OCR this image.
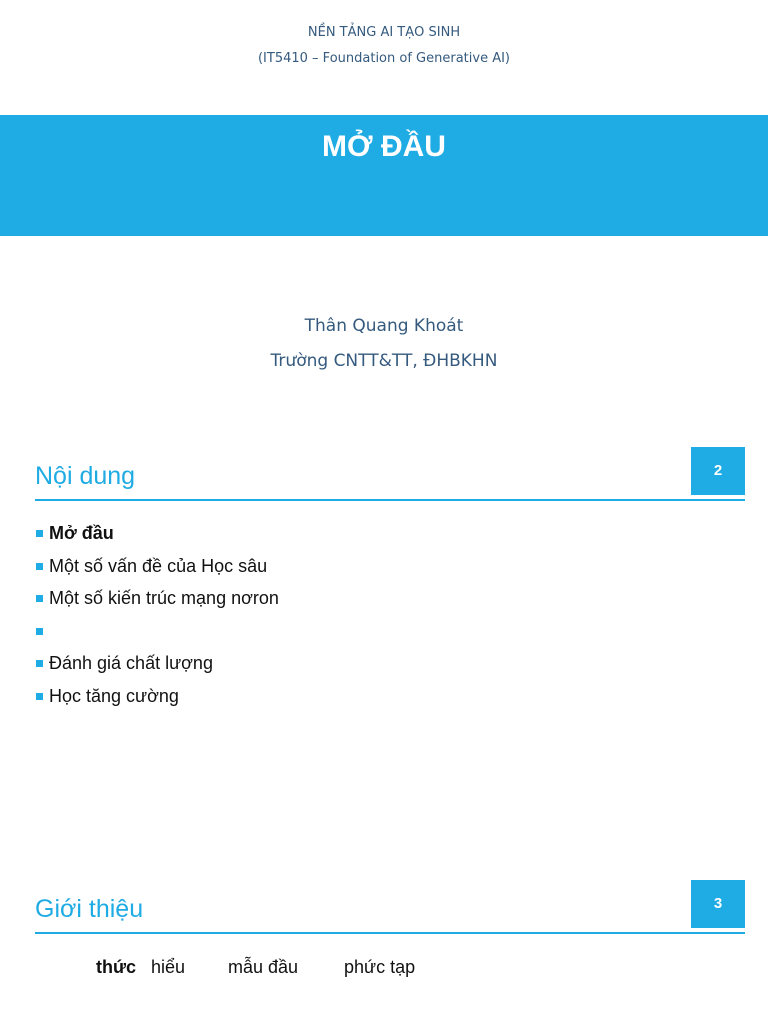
NỀN TẢNG AI TẠO SINH
(IT5410 – Foundation of Generative AI)
MỞ ĐẦU
Thân Quang Khoát
Trường CNTT&TT, ĐHBKHN
Nội dung	2
Mở đầu
Một số vấn đề của Học sâu
Một số kiến trúc mạng nơron
Đánh giá chất lượng
Học tăng cường
Giới thiệu	3
thức hiểu mẫu đầu	phức tạp
